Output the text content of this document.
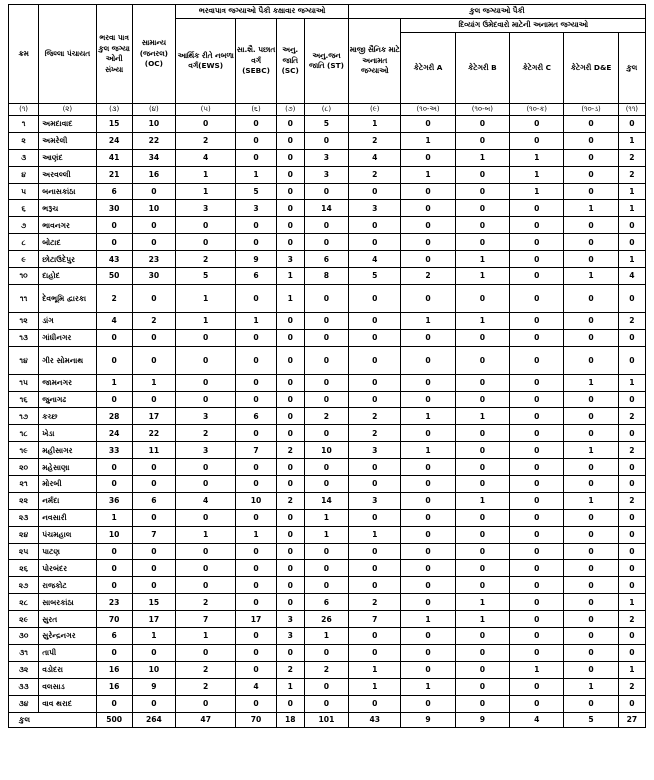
ક્રમ	જિલ્લા પંચાયત	ભરવા પાત્ર કુલ જગ્યા ઓની સંખ્યા	સામાન્ય (જનરલ) (OC)	ભરવાપાત્ર જગ્યાઓ પૈકી કક્ષાવાર જગ્યાઓ				કુલ જગ્યાઓ પૈકી					
				આર્થિક રીતે નબળા વર્ગ(EWS)	સા.શૈ. પછાત વર્ગ (SEBC)	અનુ. જાતિ (SC)	અનુ.જન જાતિ (ST)	માજી સૈનિક માટે અનામત જગ્યાઓ	દિવ્યાંગ ઉમેદવારો માટેની અનામત જગ્યાઓ				
									કેટેગરી A	કેટેગરી B	કેટેગરી C	કેટેગરી D&E	કુલ
(૧)	(૨)	(૩)	(૪)	(૫)	(૬)	(૭)	(૮)	(૯)	(૧૦-અ)	(૧૦-બ)	(૧૦-ક)	(૧૦-ડ)	(૧૧)
૧	અમદાવાદ	15	10	0	0	0	5	1	0	0	0	0	0
૨	અમરેલી	24	22	2	0	0	0	2	1	0	0	0	1
૩	આણંદ	41	34	4	0	0	3	4	0	1	1	0	2
૪	અરવલ્લી	21	16	1	1	0	3	2	1	0	1	0	2
૫	બનાસકાંઠા	6	0	1	5	0	0	0	0	0	1	0	1
૬	ભરૂચ	30	10	3	3	0	14	3	0	0	0	1	1
૭	ભાવનગર	0	0	0	0	0	0	0	0	0	0	0	0
૮	બોટાદ	0	0	0	0	0	0	0	0	0	0	0	0
૯	છોટાઉદેપુર	43	23	2	9	3	6	4	0	1	0	0	1
૧૦	દાહોદ	50	30	5	6	1	8	5	2	1	0	1	4
૧૧	દેવભૂમિ દ્વારકા	2	0	1	0	1	0	0	0	0	0	0	0
૧૨	ડાંગ	4	2	1	1	0	0	0	1	1	0	0	2
૧૩	ગાંધીનગર	0	0	0	0	0	0	0	0	0	0	0	0
૧૪	ગીર સોમનાથ	0	0	0	0	0	0	0	0	0	0	0	0
૧૫	જામનગર	1	1	0	0	0	0	0	0	0	0	1	1
૧૬	જુનાગઢ	0	0	0	0	0	0	0	0	0	0	0	0
૧૭	કચ્છ	28	17	3	6	0	2	2	1	1	0	0	2
૧૮	ખેડા	24	22	2	0	0	0	2	0	0	0	0	0
૧૯	મહીસાગર	33	11	3	7	2	10	3	1	0	0	1	2
૨૦	મહેસાણા	0	0	0	0	0	0	0	0	0	0	0	0
૨૧	મોરબી	0	0	0	0	0	0	0	0	0	0	0	0
૨૨	નર્મદા	36	6	4	10	2	14	3	0	1	0	1	2
૨૩	નવસારી	1	0	0	0	0	1	0	0	0	0	0	0
૨૪	પંચમહાલ	10	7	1	1	0	1	1	0	0	0	0	0
૨૫	પાટણ	0	0	0	0	0	0	0	0	0	0	0	0
૨૬	પોરબંદર	0	0	0	0	0	0	0	0	0	0	0	0
૨૭	રાજકોટ	0	0	0	0	0	0	0	0	0	0	0	0
૨૮	સાબરકાંઠા	23	15	2	0	0	6	2	0	1	0	0	1
૨૯	સુરત	70	17	7	17	3	26	7	1	1	0	0	2
૩૦	સુરેન્દ્રનગર	6	1	1	0	3	1	0	0	0	0	0	0
૩૧	તાપી	0	0	0	0	0	0	0	0	0	0	0	0
૩૨	વડોદરા	16	10	2	0	2	2	1	0	0	1	0	1
૩૩	વલસાડ	16	9	2	4	1	0	1	1	0	0	1	2
૩૪	વાવ થરાદ	0	0	0	0	0	0	0	0	0	0	0	0
કુલ		500	264	47	70	18	101	43	9	9	4	5	27
